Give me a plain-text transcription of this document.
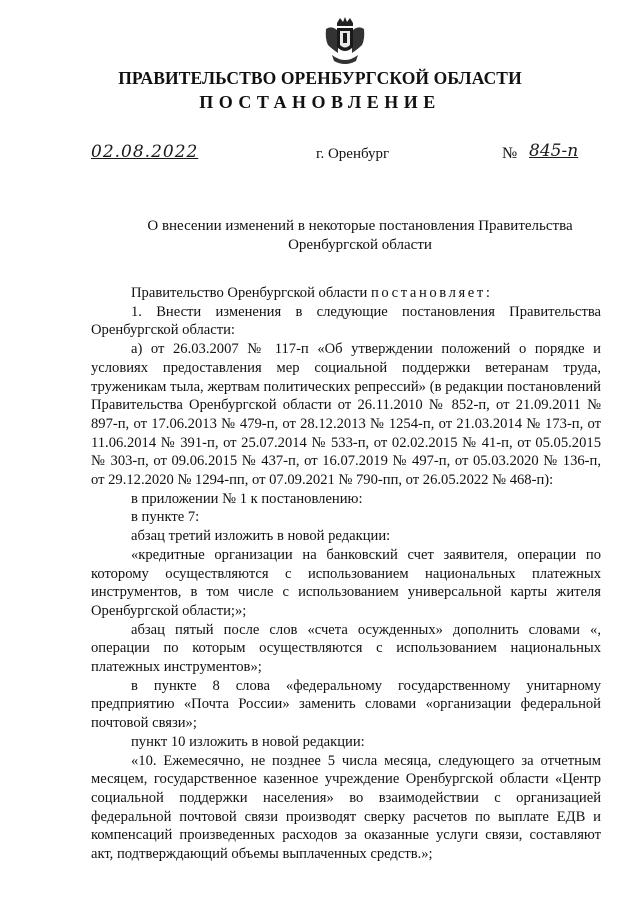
ПРАВИТЕЛЬСТВО ОРЕНБУРГСКОЙ ОБЛАСТИ
ПОСТАНОВЛЕНИЕ
02.08.2022	г. Оренбург	№ 845-п
О внесении изменений в некоторые постановления Правительства
Оренбургской области

Правительство Оренбургской области постановляет:

1. Внести изменения в следующие постановления Правительства Оренбургской области:

а) от 26.03.2007 № 117-п «Об утверждении положений о порядке и условиях предоставления мер социальной поддержки ветеранам труда, труженикам тыла, жертвам политических репрессий» (в редакции постановлений Правительства Оренбургской области от 26.11.2010 № 852-п, от 21.09.2011 № 897-п, от 17.06.2013 № 479-п, от 28.12.2013 № 1254-п, от 21.03.2014 № 173-п, от 11.06.2014 № 391-п, от 25.07.2014 № 533-п, от 02.02.2015 № 41-п, от 05.05.2015 № 303-п, от 09.06.2015 № 437-п, от 16.07.2019 № 497-п, от 05.03.2020 № 136-п, от 29.12.2020 № 1294-пп, от 07.09.2021 № 790-пп, от 26.05.2022 № 468-п):

в приложении № 1 к постановлению:

в пункте 7:

абзац третий изложить в новой редакции:

«кредитные организации на банковский счет заявителя, операции по которому осуществляются с использованием национальных платежных инструментов, в том числе с использованием универсальной карты жителя Оренбургской области;»;

абзац пятый после слов «счета осужденных» дополнить словами «, операции по которым осуществляются с использованием национальных платежных инструментов»;

в пункте 8 слова «федеральному государственному унитарному предприятию «Почта России» заменить словами «организации федеральной почтовой связи»;

пункт 10 изложить в новой редакции:

«10. Ежемесячно, не позднее 5 числа месяца, следующего за отчетным месяцем, государственное казенное учреждение Оренбургской области «Центр социальной поддержки населения» во взаимодействии с организацией федеральной почтовой связи производят сверку расчетов по выплате ЕДВ и компенсаций произведенных расходов за оказанные услуги связи, составляют акт, подтверждающий объемы выплаченных средств.»;
